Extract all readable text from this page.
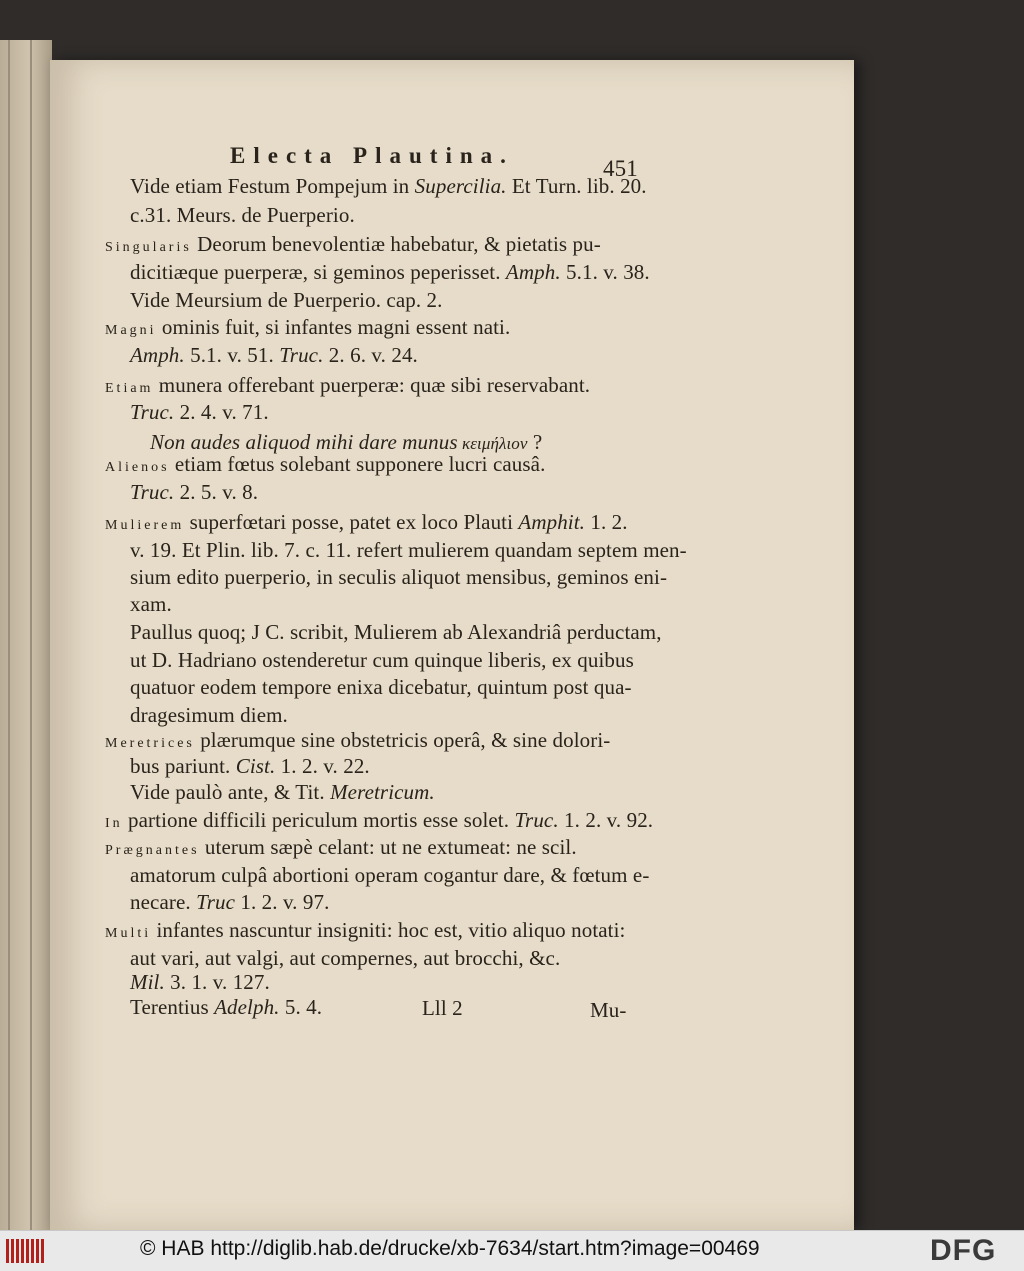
Electa Plautina.
451
Vide etiam Festum Pompejum in Supercilia. Et Turn. lib. 20.
c.31. Meurs. de Puerperio.
Singularis Deorum benevolentiæ habebatur, & pietatis pu-
dicitiæque puerperæ, si geminos peperisset. Amph. 5.1. v. 38.
Vide Meursium de Puerperio. cap. 2.
Magni ominis fuit, si infantes magni essent nati.
Amph. 5.1. v. 51. Truc. 2. 6. v. 24.
Etiam munera offerebant puerperæ: quæ sibi reservabant.
Truc. 2. 4. v. 71.
Non audes aliquod mihi dare munus κειμήλιον ?
Alienos etiam fœtus solebant supponere lucri causâ.
Truc. 2. 5. v. 8.
Mulierem superfœtari posse, patet ex loco Plauti Amphit. 1. 2.
v. 19. Et Plin. lib. 7. c. 11. refert mulierem quandam septem men-
sium edito puerperio, in seculis aliquot mensibus, geminos eni-
xam.
Paullus quoq; J C. scribit, Mulierem ab Alexandriâ perductam,
ut D. Hadriano ostenderetur cum quinque liberis, ex quibus
quatuor eodem tempore enixa dicebatur, quintum post qua-
dragesimum diem.
Meretrices plærumque sine obstetricis operâ, & sine dolori-
bus pariunt. Cist. 1. 2. v. 22.
Vide paulò ante, & Tit. Meretricum.
In partione difficili periculum mortis esse solet. Truc. 1. 2. v. 92.
Prægnantes uterum sæpè celant: ut ne extumeat: ne scil.
amatorum culpâ abortioni operam cogantur dare, & fœtum e-
necare. Truc 1. 2. v. 97.
Multi infantes nascuntur insigniti: hoc est, vitio aliquo notati:
aut vari, aut valgi, aut compernes, aut brocchi, &c.
Mil. 3. 1. v. 127.
Terentius Adelph. 5. 4.	Lll 2	Mu-
© HAB http://diglib.hab.de/drucke/xb-7634/start.htm?image=00469	DFG
